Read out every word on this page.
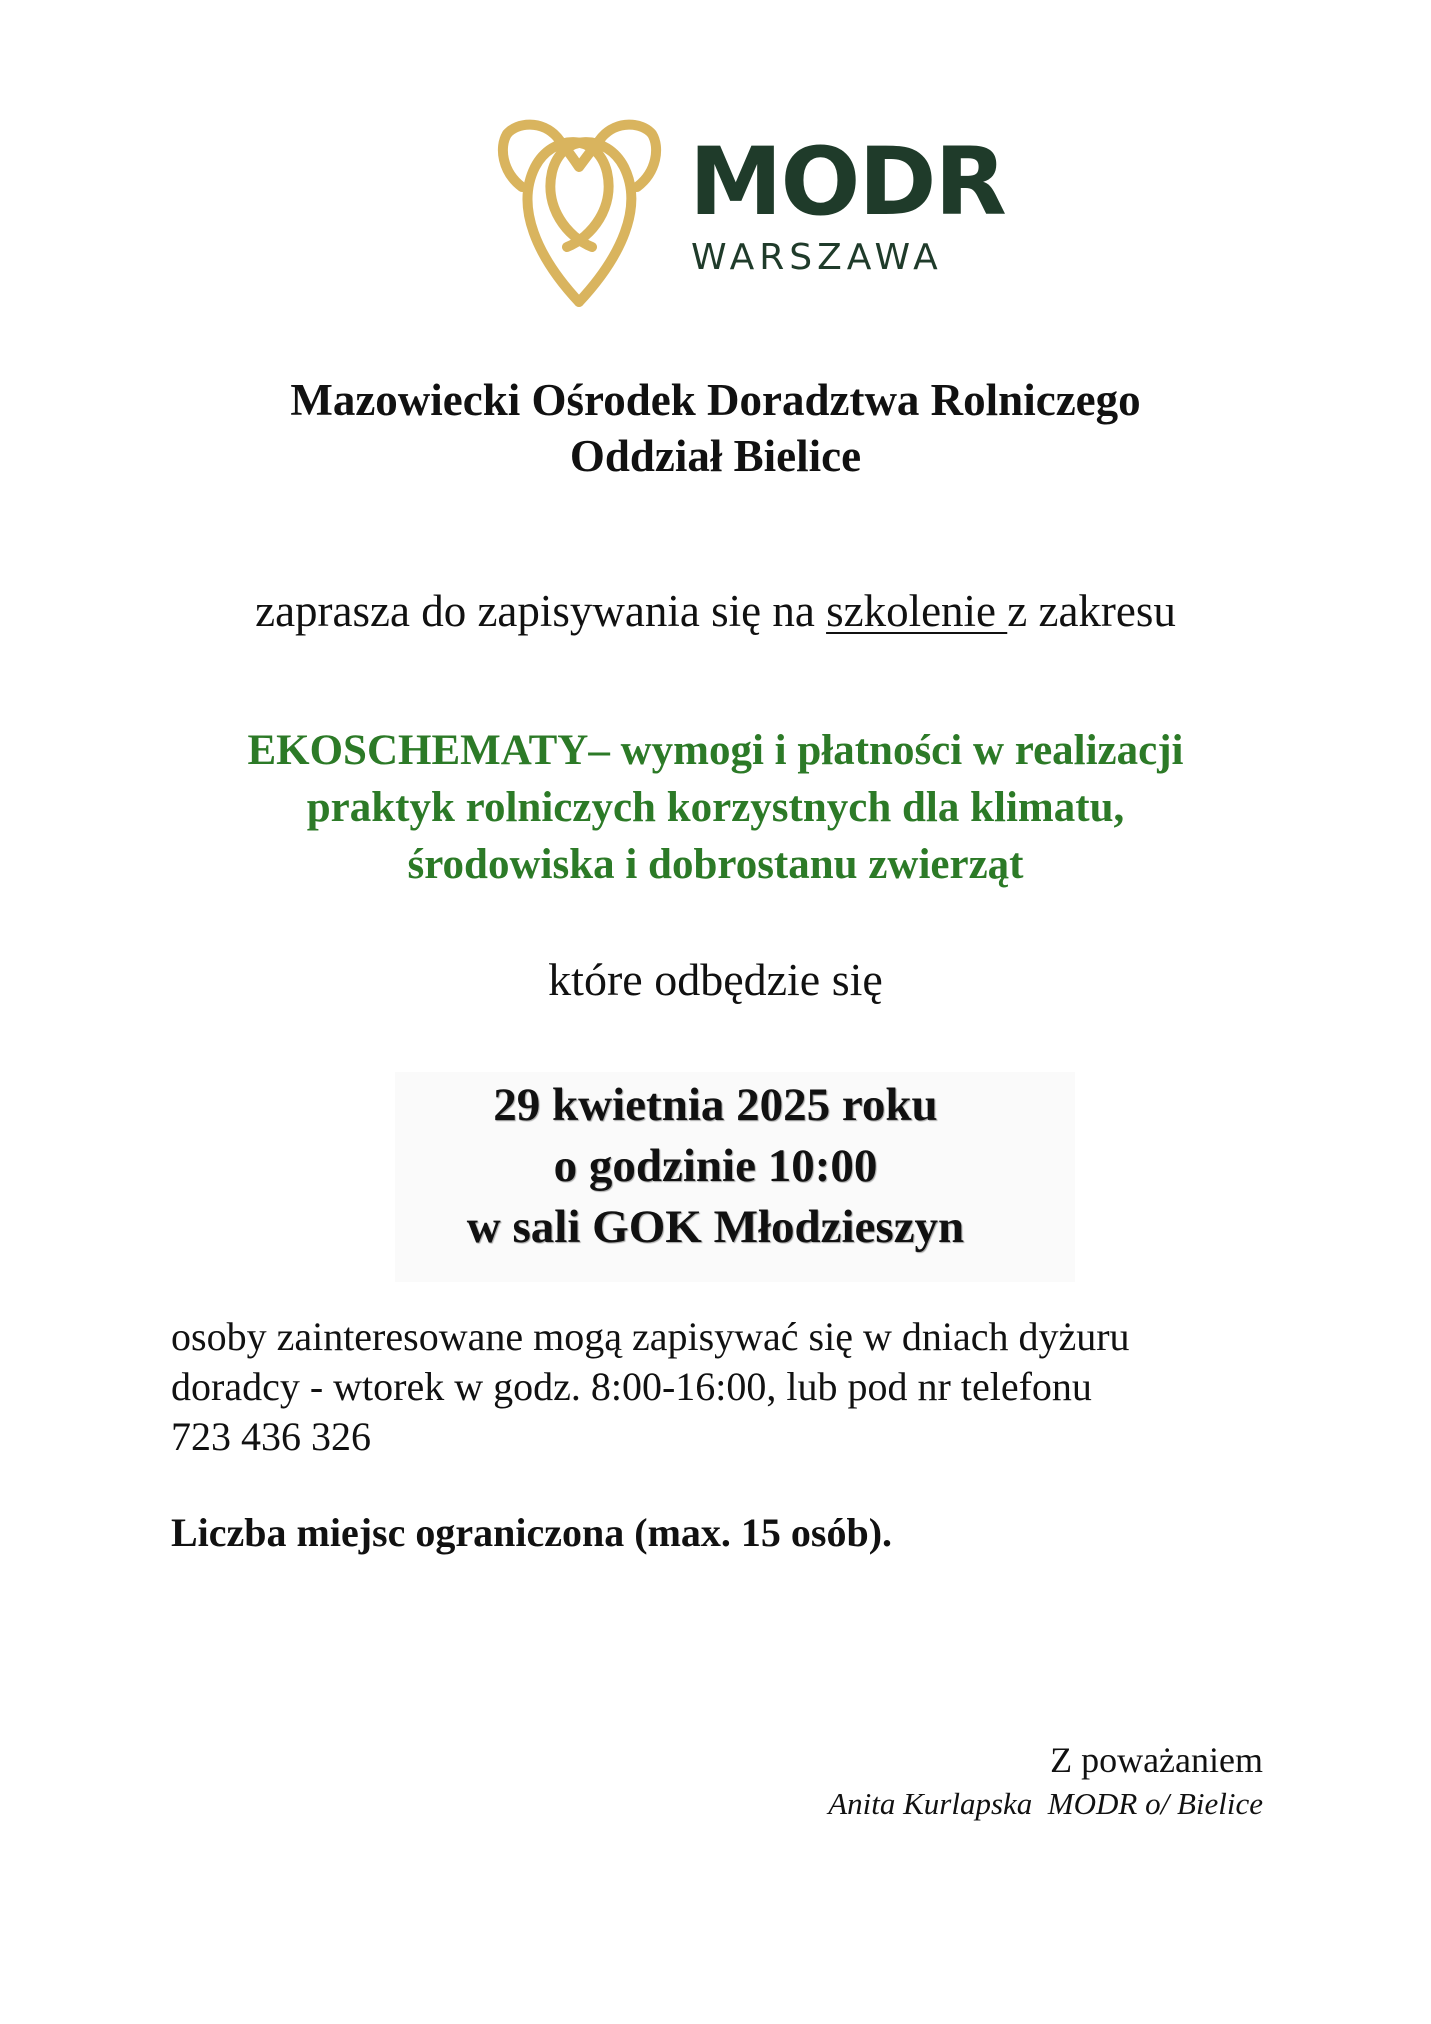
MODR
WARSZAWA
Mazowiecki Ośrodek Doradztwa Rolniczego
Oddział Bielice

zaprasza do zapisywania się na szkolenie z zakresu

EKOSCHEMATY– wymogi i płatności w realizacji
praktyk rolniczych korzystnych dla klimatu,
środowiska i dobrostanu zwierząt

które odbędzie się

29 kwietnia 2025 roku
o godzinie 10:00
w sali GOK Młodzieszyn

osoby zainteresowane mogą zapisywać się w dniach dyżuru
doradcy - wtorek w godz. 8:00-16:00, lub pod nr telefonu
723 436 326

Liczba miejsc ograniczona (max. 15 osób).

Z poważaniem

Anita Kurlapska  MODR o/ Bielice
